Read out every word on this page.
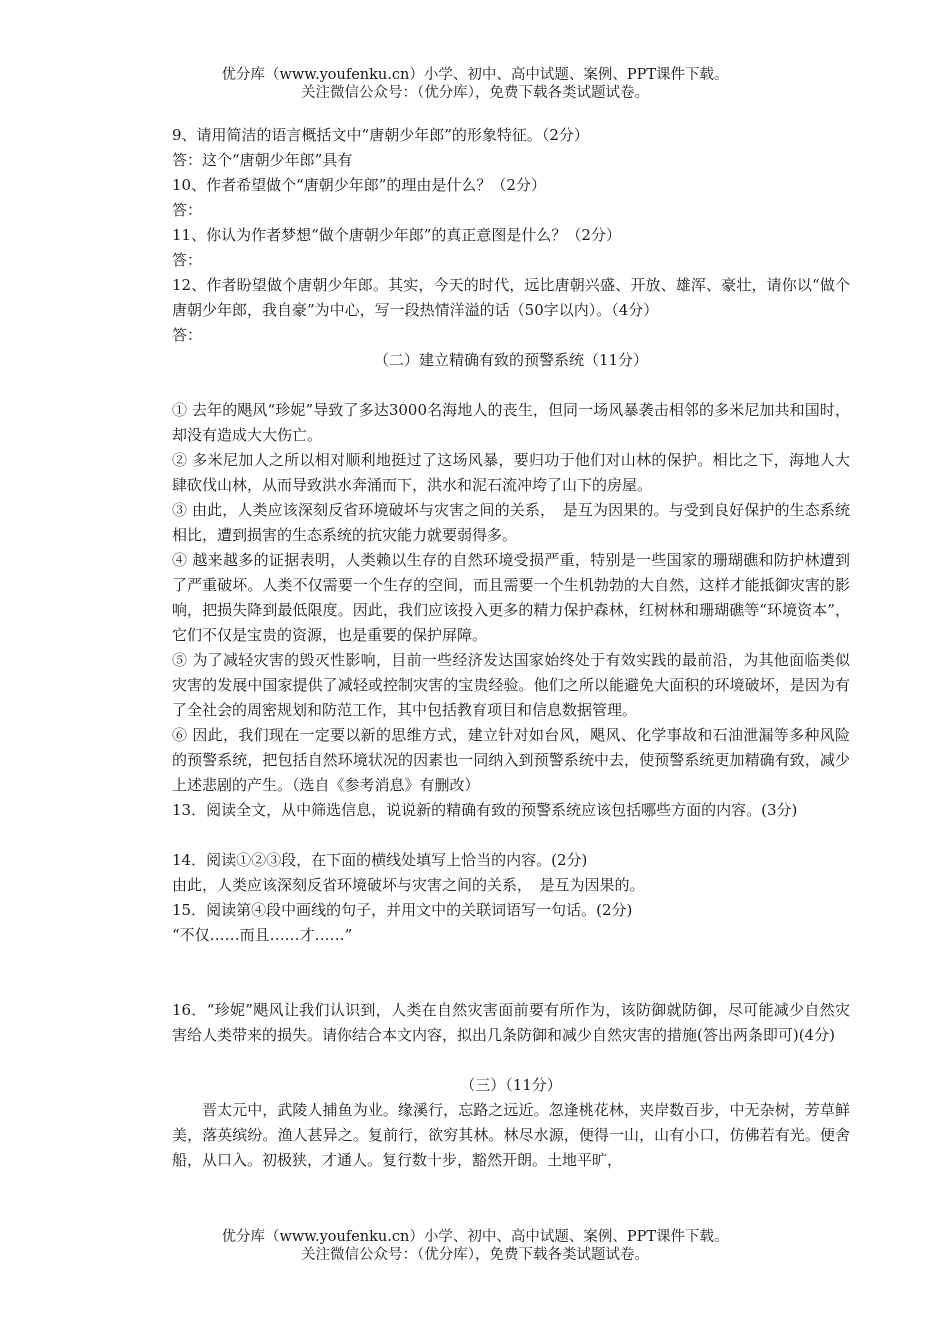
优分库（www.youfenku.cn）小学、初中、高中试题、案例、PPT课件下载。
关注微信公众号：（优分库），免费下载各类试题试卷。

9、请用简洁的语言概括文中“唐朝少年郎”的形象特征。（2分）

答：这个“唐朝少年郎”具有

10、作者希望做个“唐朝少年郎”的理由是什么？（2分）

答：

11、你认为作者梦想“做个唐朝少年郎”的真正意图是什么？（2分）

答：

12、作者盼望做个唐朝少年郎。其实，今天的时代，远比唐朝兴盛、开放、雄浑、豪壮，请你以“做个唐朝少年郎，我自豪”为中心，写一段热情洋溢的话（50字以内）。（4分）

答：

（二）建立精确有致的预警系统（11分）

① 去年的飓风“珍妮”导致了多达3000名海地人的丧生，但同一场风暴袭击相邻的多米尼加共和国时，却没有造成大大伤亡。

② 多米尼加人之所以相对顺利地挺过了这场风暴，要归功于他们对山林的保护。相比之下，海地人大肆砍伐山林，从而导致洪水奔涌而下，洪水和泥石流冲垮了山下的房屋。

③ 由此，人类应该深刻反省环境破坏与灾害之间的关系，　是互为因果的。与受到良好保护的生态系统相比，遭到损害的生态系统的抗灾能力就要弱得多。

④ 越来越多的证据表明，人类赖以生存的自然环境受损严重，特别是一些国家的珊瑚礁和防护林遭到了严重破坏。人类不仅需要一个生存的空间，而且需要一个生机勃勃的大自然，这样才能抵御灾害的影响，把损失降到最低限度。因此，我们应该投入更多的精力保护森林，红树林和珊瑚礁等“环境资本”，它们不仅是宝贵的资源，也是重要的保护屏障。

⑤ 为了减轻灾害的毁灭性影响，目前一些经济发达国家始终处于有效实践的最前沿，为其他面临类似灾害的发展中国家提供了减轻或控制灾害的宝贵经验。他们之所以能避免大面积的环境破坏，是因为有了全社会的周密规划和防范工作，其中包括教育项目和信息数据管理。

⑥ 因此，我们现在一定要以新的思维方式，建立针对如台风，飓风、化学事故和石油泄漏等多种风险的预警系统，把包括自然环境状况的因素也一同纳入到预警系统中去，使预警系统更加精确有致，减少上述悲剧的产生。（选自《参考消息》有删改）

13．阅读全文，从中筛选信息，说说新的精确有致的预警系统应该包括哪些方面的内容。(3分)

14．阅读①②③段，在下面的横线处填写上恰当的内容。(2分)

由此，人类应该深刻反省环境破坏与灾害之间的关系，　是互为因果的。

15．阅读第④段中画线的句子，并用文中的关联词语写一句话。(2分)

“不仅……而且……才……”

16．“珍妮”飓风让我们认识到，人类在自然灾害面前要有所作为，该防御就防御，尽可能减少自然灾害给人类带来的损失。请你结合本文内容，拟出几条防御和减少自然灾害的措施(答出两条即可)(4分)

（三）（11分）

晋太元中，武陵人捕鱼为业。缘溪行，忘路之远近。忽逢桃花林，夹岸数百步，中无杂树，芳草鲜美，落英缤纷。渔人甚异之。复前行，欲穷其林。林尽水源，便得一山，山有小口，仿佛若有光。便舍船，从口入。初极狭，才通人。复行数十步，豁然开朗。土地平旷，

优分库（www.youfenku.cn）小学、初中、高中试题、案例、PPT课件下载。
关注微信公众号：（优分库），免费下载各类试题试卷。
